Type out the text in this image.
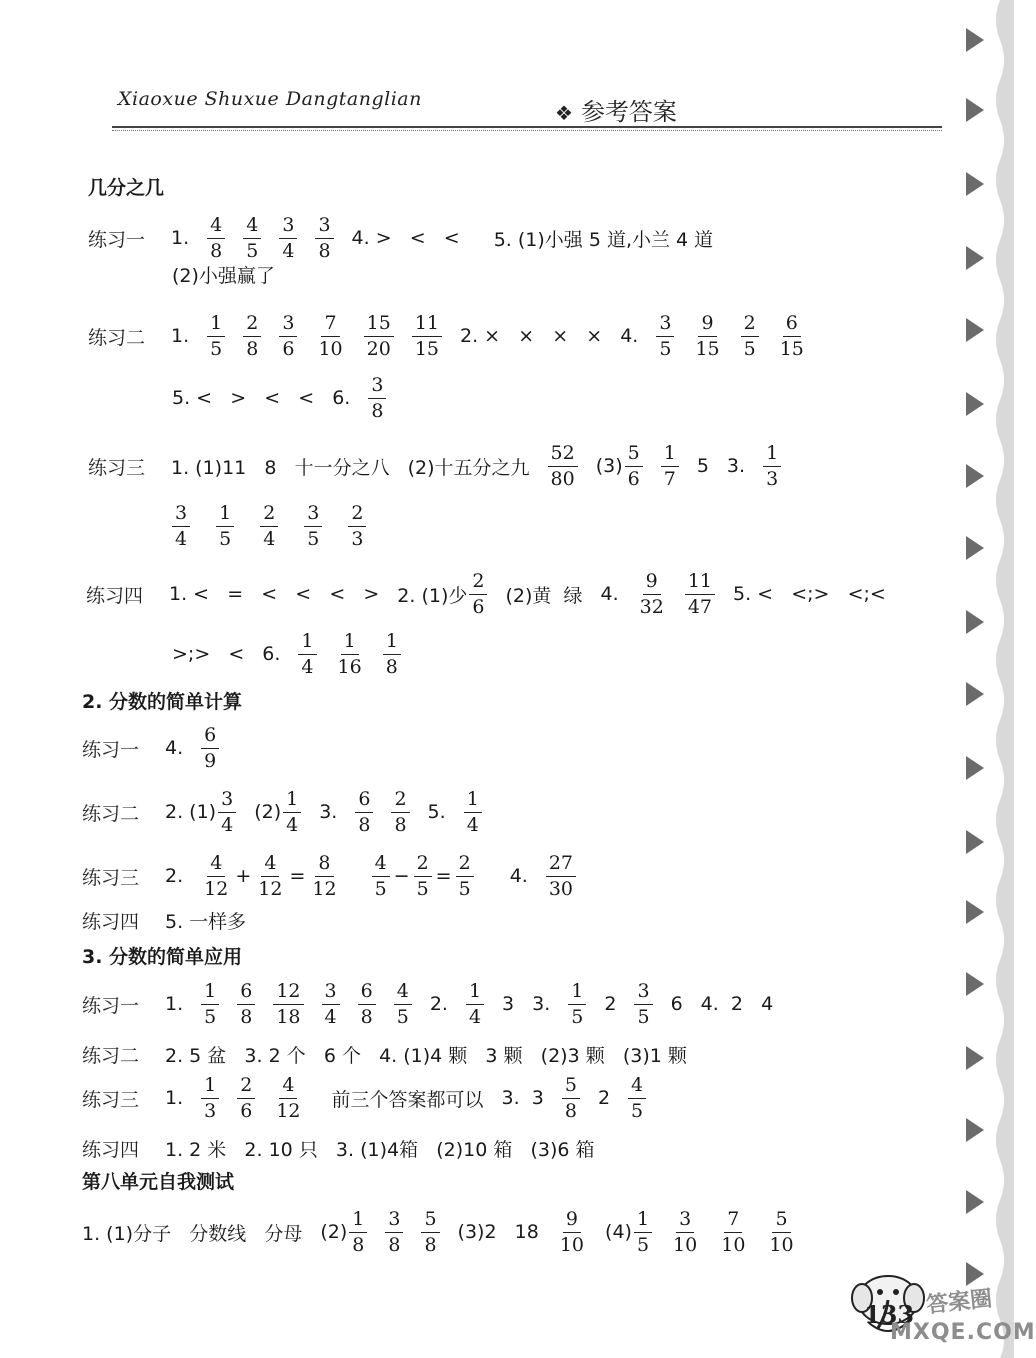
Xiaoxue Shuxue Dangtanglian
❖ 参考答案
几分之几
练习一 1. $\frac{4}{8} \frac{4}{5} \frac{3}{4} \frac{3}{8} 4$. >   <   < 5. (1)小强 5 道,小兰 4 道
(2)小强赢了
练习二 1. $\frac{1}{5} \frac{2}{8} \frac{3}{6} \frac{7}{10} \frac{15}{20} \frac{11}{15} 2$. ×   ×   ×   × 4. $\frac{3}{5} \frac{9}{15} \frac{2}{5} \frac{6}{15}$
5. <   >   <   < 6. $\frac{3}{8}$
练习三 1. (1)11   8   十一分之八 (2)十五分之九 $\frac{52}{80} (3) \frac{5}{6} \frac{1}{7} 5$ 3. $\frac{1}{3}$
$\frac{3}{4} \frac{1}{5} \frac{2}{4} \frac{3}{5} \frac{2}{3}$
练习四 1. <   =   <   <   <   > 2. (1)少 $\frac{2}{6} (2)$黄  绿 4. $\frac{9}{32} \frac{11}{47} 5$. <   <;>   <;<
>;>   < 6. $\frac{1}{4} \frac{1}{16} \frac{1}{8}$
2. 分数的简单计算
练习一 4. $\frac{6}{9}$
练习二 2. $(1) \frac{3}{4} (2) \frac{1}{4} 3$. $\frac{6}{8} \frac{2}{8} 5$. $\frac{1}{4}$
练习三 2. $\frac{4}{12} + \frac{4}{12} = \frac{8}{12} \frac{4}{5} - \frac{2}{5} = \frac{2}{5} 4$. $\frac{27}{30}$
练习四 5. 一样多
3. 分数的简单应用
练习一 1. $\frac{1}{5} \frac{6}{8} \frac{12}{18} \frac{3}{4} \frac{6}{8} \frac{4}{5} 2$. $\frac{1}{4} 3$ 3. $\frac{1}{5} 2 \frac{3}{5} 6$ 4.  2   4
练习二 2. 5 盆   3. 2 个   6 个   4. (1)4 颗   3 颗   (2)3 颗   (3)1 颗
练习三 1. $\frac{1}{3} \frac{2}{6} \frac{4}{12}$ 前三个答案都可以 3.  $3 \frac{5}{8} 2 \frac{4}{5}$
练习四 1. 2 米   2. 10 只   3. (1)4箱   (2)10 箱   (3)6 箱
第八单元自我测试
1. (1)分子   分数线   分母 $(2) \frac{1}{8} \frac{3}{8} \frac{5}{8} (3)2$   $18 \frac{9}{10} (4) \frac{1}{5} \frac{3}{10} \frac{7}{10} \frac{5}{10}$
133 答案圈
MXQE.COM
